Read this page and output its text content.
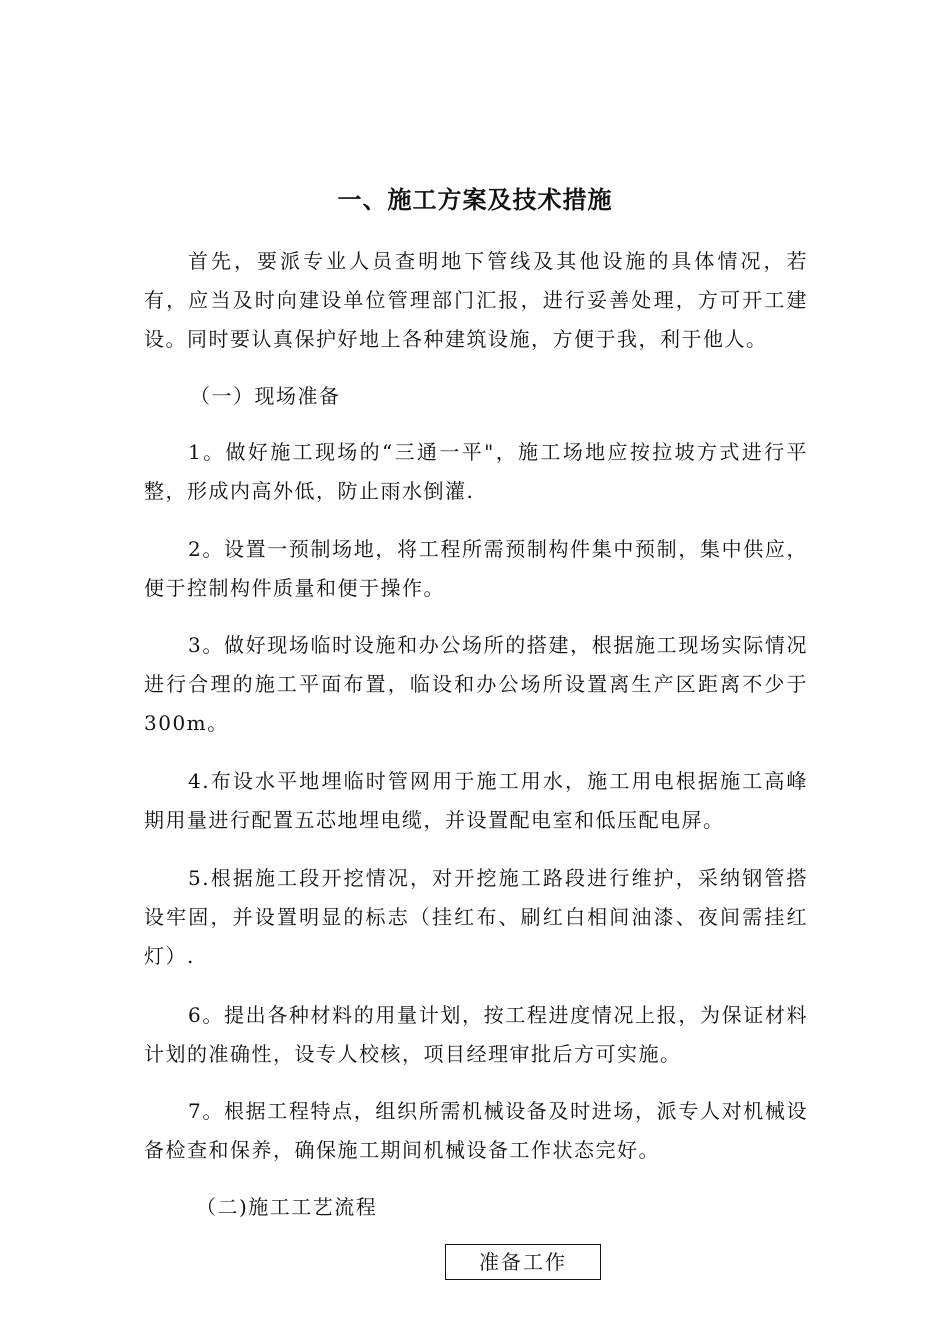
一、施工方案及技术措施

首先，要派专业人员查明地下管线及其他设施的具体情况，若有，应当及时向建设单位管理部门汇报，进行妥善处理，方可开工建设。同时要认真保护好地上各种建筑设施，方便于我，利于他人。

（一）现场准备

1。做好施工现场的“三通一平"，施工场地应按拉坡方式进行平整，形成内高外低，防止雨水倒灌.

2。设置一预制场地，将工程所需预制构件集中预制，集中供应，便于控制构件质量和便于操作。

3。做好现场临时设施和办公场所的搭建，根据施工现场实际情况进行合理的施工平面布置，临设和办公场所设置离生产区距离不少于300m。

4.布设水平地埋临时管网用于施工用水，施工用电根据施工高峰期用量进行配置五芯地埋电缆，并设置配电室和低压配电屏。

5.根据施工段开挖情况，对开挖施工路段进行维护，采纳钢管搭设牢固，并设置明显的标志（挂红布、刷红白相间油漆、夜间需挂红灯）.

6。提出各种材料的用量计划，按工程进度情况上报，为保证材料计划的准确性，设专人校核，项目经理审批后方可实施。

7。根据工程特点，组织所需机械设备及时进场，派专人对机械设备检查和保养，确保施工期间机械设备工作状态完好。

（二)施工工艺流程

准备工作
